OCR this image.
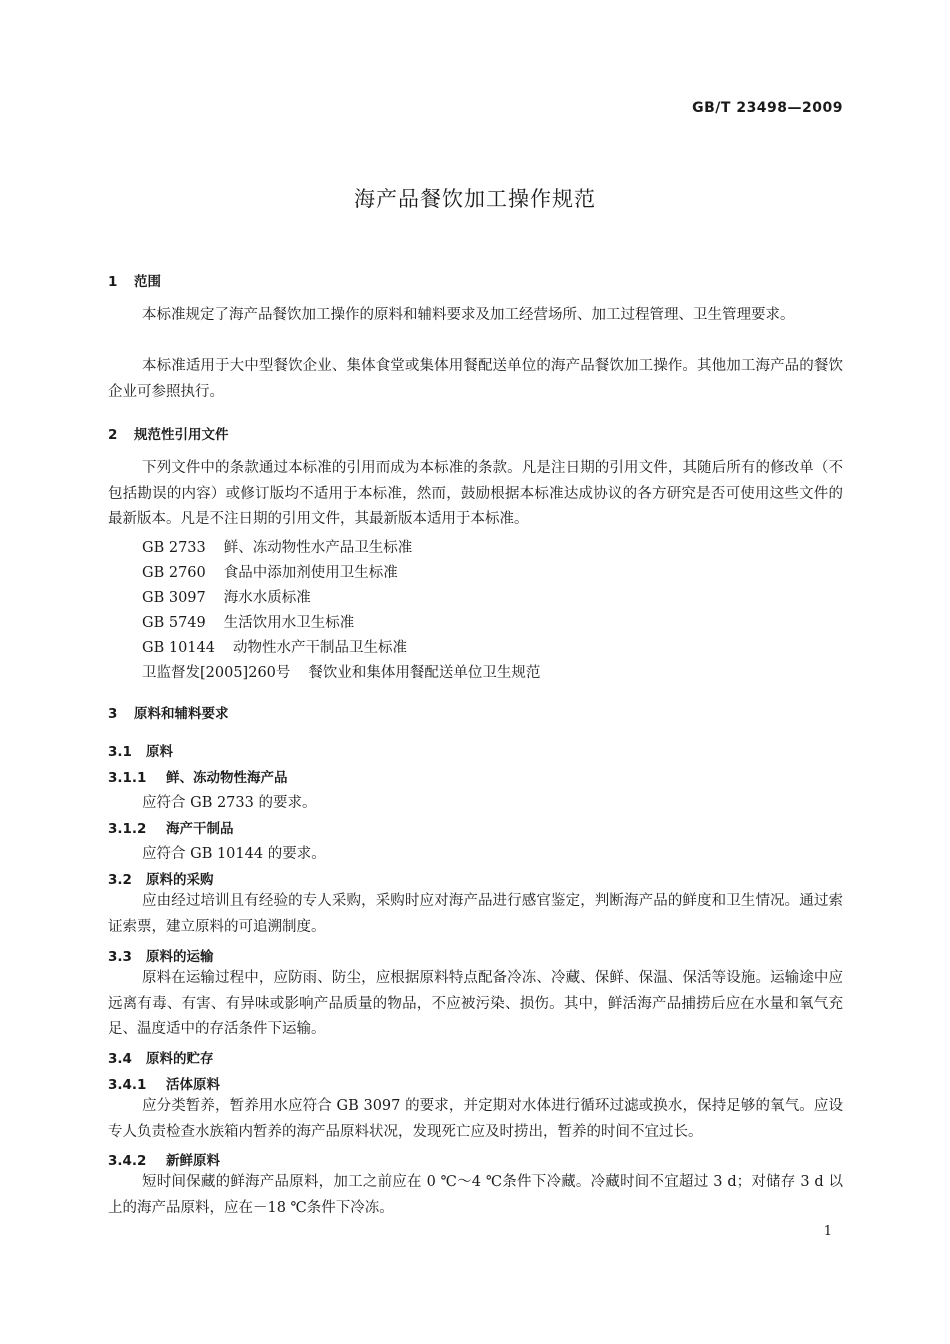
GB/T 23498—2009
海产品餐饮加工操作规范
1 范围
本标准规定了海产品餐饮加工操作的原料和辅料要求及加工经营场所、加工过程管理、卫生管理要求。
本标准适用于大中型餐饮企业、集体食堂或集体用餐配送单位的海产品餐饮加工操作。其他加工海产品的餐饮企业可参照执行。
2 规范性引用文件
下列文件中的条款通过本标准的引用而成为本标准的条款。凡是注日期的引用文件，其随后所有的修改单（不包括勘误的内容）或修订版均不适用于本标准，然而，鼓励根据本标准达成协议的各方研究是否可使用这些文件的最新版本。凡是不注日期的引用文件，其最新版本适用于本标准。
GB 2733 鲜、冻动物性水产品卫生标准
GB 2760 食品中添加剂使用卫生标准
GB 3097 海水水质标准
GB 5749 生活饮用水卫生标准
GB 10144 动物性水产干制品卫生标准
卫监督发[2005]260号 餐饮业和集体用餐配送单位卫生规范
3 原料和辅料要求
3.1 原料
3.1.1 鲜、冻动物性海产品
应符合 GB 2733 的要求。
3.1.2 海产干制品
应符合 GB 10144 的要求。
3.2 原料的采购
应由经过培训且有经验的专人采购，采购时应对海产品进行感官鉴定，判断海产品的鲜度和卫生情况。通过索证索票，建立原料的可追溯制度。
3.3 原料的运输
原料在运输过程中，应防雨、防尘，应根据原料特点配备冷冻、冷藏、保鲜、保温、保活等设施。运输途中应远离有毒、有害、有异味或影响产品质量的物品，不应被污染、损伤。其中，鲜活海产品捕捞后应在水量和氧气充足、温度适中的存活条件下运输。
3.4 原料的贮存
3.4.1 活体原料
应分类暂养，暂养用水应符合 GB 3097 的要求，并定期对水体进行循环过滤或换水，保持足够的氧气。应设专人负责检查水族箱内暂养的海产品原料状况，发现死亡应及时捞出，暂养的时间不宜过长。
3.4.2 新鲜原料
短时间保藏的鲜海产品原料，加工之前应在 0 ℃～4 ℃条件下冷藏。冷藏时间不宜超过 3 d；对储存 3 d 以上的海产品原料，应在－18 ℃条件下冷冻。
1
